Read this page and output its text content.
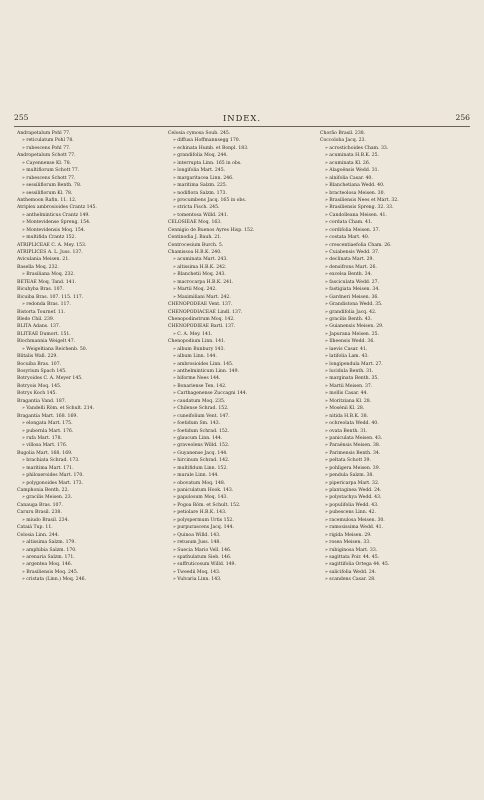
255	INDEX.	256
Andrapetalum Pohl 77.
» reticulatum Pohl 78.
» rubescens Pohl 77.
Andropetalum Schott 77.
» Cayennense Kl. 78.
» multiflorum Schott 77.
» rubescens Schott 77.
» sessiliflorum Benth. 78.
» sessiliflorum Kl. 78.
Anthemoon Rafin. 11. 12.
Atriplex ambrosioides Crantz 145.
» anthelminticus Crantz 149.
» Montevidense Spreng. 154.
» Montevidensis Moq. 154.
» multifida Crantz 152.
ATRIPLICEAE C. A. Mey. 153.
ATRIPLICES A. L. Juss. 137.
Aviculania Meisen. 21.
Basella Moq. 232.
» Brasiliana Moq. 232.
BETEAE Moq. Tand. 141.
Bicuhyba Bras. 107.
Bicuiba Bras. 107. 115. 117.
» redonda Bras. 117.
Bistorta Tournef. 11.
Bledo Chil. 239.
BLITA Adans. 137.
BLITEAE Dumort. 151.
Blochmannia Weigelt 47.
» Weigeltiana Reichenb. 50.
Blitalis Wall. 229.
Bocuiba Bras. 107.
Bosyrium Spach 145.
Botryoides C. A. Meyer 145.
Botryois Moq. 145.
Botrys Koch 145.
Bragantia Vand. 187.
» Vandelli Röm. et Schult. 214.
Bragantia Mart. 168. 169.
» elongata Mart. 175.
» pubernla Mart. 176.
» rufa Mart. 178.
» villosa Mart. 176.
Bugolia Mart. 168. 169.
» brachiata Schrad. 173.
» maritima Mart. 171.
» philoxeroides Mart. 170.
» polygonoides Mart. 173.
Camphonia Benth. 22.
» gracilis Meisen. 23.
Canauga Bras. 107.
Caruru Brasil. 238.
» miudo Brasil. 234.
Cataiá Tup. 11.
Celosia Linn. 244.
» altissima Salzm. 179.
» amphibia Salzm. 170.
» arenaria Salzm. 171.
» argentea Moq. 146.
» Brasiliensis Moq. 245.
» cristata (Linn.) Moq. 246.
Celosia cymosa Soub. 245.
» diffusa Hoffmannsegg 170.
» echinata Humb. et Bonpl. 183.
» grandifolia Moq. 244.
» interrupta Linn. 165 in obs.
» longifolia Mart. 245.
» margaritacea Linn. 246.
» maritima Salzm. 225.
» nodiflora Salzm. 173.
» procumbens Jacq. 165 in obs.
» stricta Fisch. 245.
» tomentosa Willd. 241.
CELOSIEAE Moq. 163.
Cennigio de Buenos Ayres Hisp. 152.
Centinodia J. Bauh. 21.
Centrocesium Burch. 5.
Chamissoa H.B.K. 240.
» acuminata Mart. 243.
» altissima H.B.K. 242.
» Blanchetii Moq. 243.
» macrocarpa H.B.K. 241.
» Martii Moq. 242.
» Maximiliani Mart. 242.
CHENOPODEAE Vent. 137.
CHENOPODIACEAE Lindl. 137.
Chenopodinstrum Moq. 142.
CHENOPODIEAE Bartl. 137.
» C. A. Mey. 141.
Chenopodium Linn. 141.
» album Bunbury 143.
» album Linn. 144.
» ambrosioides Linn. 145.
» anthelminticum Linn. 149.
» biforme Nees 144.
» Bonariense Ten. 142.
» Carthagenense Zuccagni 144.
» caudatum Moq. 235.
» Chilense Schrad. 152.
» cuneifolium Vent. 147.
» foetidum Sm. 143.
» foetidum Schrad. 152.
» glaucum Linn. 144.
» graveolens Willd. 152.
» Guyanense Jacq. 144.
» hircinum Schrad. 142.
» multifidum Linn. 152.
» murale Linn. 144.
» obovatum Moq. 148.
» paniculatum Hook. 143.
» papulosum Moq. 143.
» Pogoa Röm. et Schult. 152.
» petiolare H.B.K. 143.
» polyspermum Urtis 152.
» purpurascens Jacq. 144.
» Quinoa Willd. 143.
» retusum Juss. 148.
» Suecia Mario Vell. 146.
» spathulatum Sieb. 146.
» suffruticosum Willd. 149.
» Tweedii Moq. 143.
» Vulvaria Linn. 143.
Chorão Brasil. 238.
Coccoloba Jacq. 23.
» acrostichoides Cham. 33.
» acuminata H.B.K. 25.
» acuminata Kl. 26.
» Alagoënsis Wedd. 31.
» alnifolia Casar. 40.
» Blanchetiana Wedd. 40.
» bracteolosa Meisen. 30.
» Brasiliensis Nees et Mart. 32.
» Brasiliensis Spreng. 32. 33.
» Candolleana Meisen. 41.
» cordata Cham. 41.
» cordifolia Meisen. 37.
» costata Mart. 40.
» crescentiaefolia Cham. 26.
» Cuiabensis Wedd. 37.
» declinata Mart. 29.
» densifrons Mart. 26.
» excelsa Benth. 34.
» fasciculata Wedd. 27.
» fastigiata Meisen. 34.
» Gardneri Meisen. 36.
» Grandistona Wedd. 35.
» grandifolia Jacq. 42.
» gracilis Benth. 43.
» Guianensis Meisen. 29.
» Japurana Meisen. 25.
» Ilheensis Wedd. 36.
» laevis Casar. 41.
» latifolia Lam. 43.
» longipendula Mart. 27.
» lucidula Benth. 31.
» marginata Benth. 35.
» Martii Meisen. 37.
» mollis Casar. 44.
» Moritziana Kl. 28.
» Mosénii Kl. 28.
» nitida H.B.K. 38.
» ochreolata Wedd. 40.
» ovata Benth. 31.
» paniculata Meisen. 43.
» Paraënsis Meisen. 38.
» Parimensis Benth. 34.
» peltata Schott 39.
» pohligera Meisen. 39.
» pendula Salzm. 38.
» pipericarpa Mart. 32.
» plantaginea Wedd. 24.
» polystachya Wedd. 43.
» populifolia Wedd. 43.
» pubescens Linn. 42.
» racemulosa Meisen. 30.
» ramosissima Wedd. 41.
» rigida Meisen. 29.
» rosea Meisen. 33.
» rubiginosa Mart. 33.
» sagittata Poir. 44. 45.
» sagittifolia Ortega 44. 45.
» salicifolia Wedd. 24.
» scandens Casar. 28.
